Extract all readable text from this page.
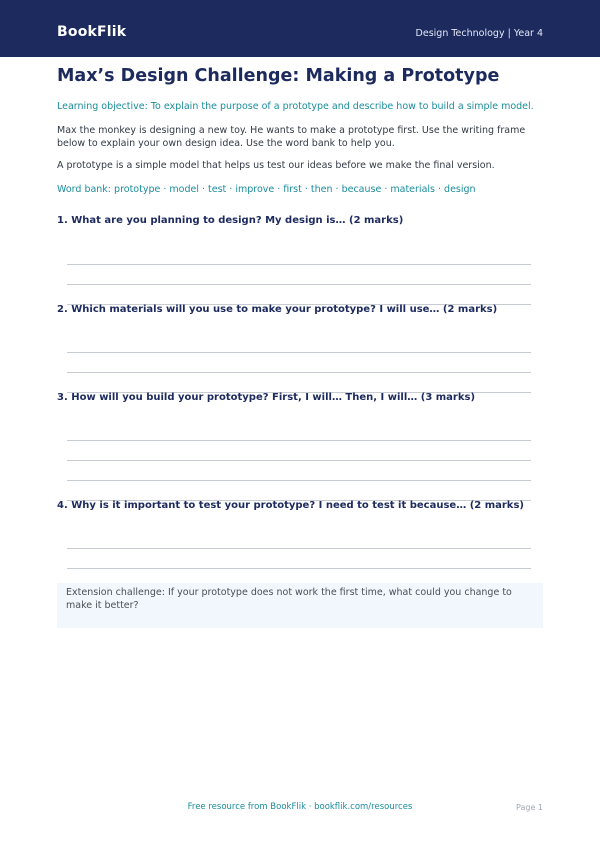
BookFlik	Design Technology | Year 4
Max’s Design Challenge: Making a Prototype
Learning objective: To explain the purpose of a prototype and describe how to build a simple model.
Max the monkey is designing a new toy. He wants to make a prototype first. Use the writing frame below to explain your own design idea. Use the word bank to help you.
A prototype is a simple model that helps us test our ideas before we make the final version.
Word bank: prototype · model · test · improve · first · then · because · materials · design
1. What are you planning to design? My design is… (2 marks)
2. Which materials will you use to make your prototype? I will use… (2 marks)
3. How will you build your prototype? First, I will… Then, I will… (3 marks)
4. Why is it important to test your prototype? I need to test it because… (2 marks)
Extension challenge: If your prototype does not work the first time, what could you change to make it better?
Free resource from BookFlik · bookflik.com/resources	Page 1
